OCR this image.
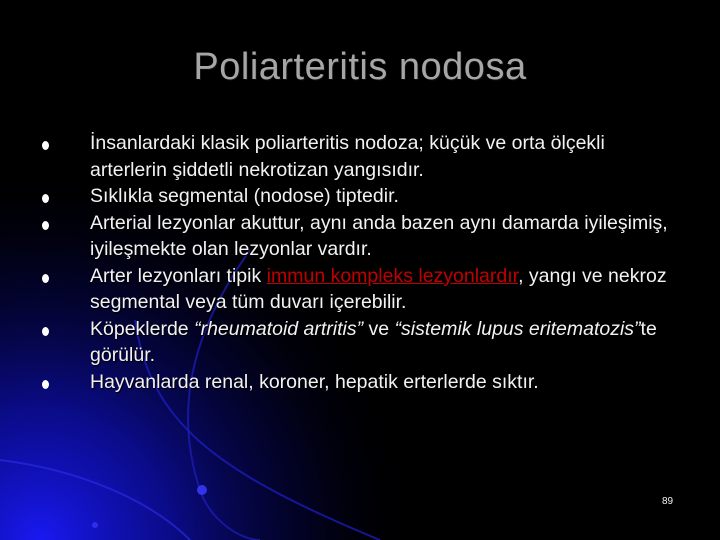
Poliarteritis nodosa
İnsanlardaki klasik poliarteritis nodoza; küçük ve orta ölçekli arterlerin şiddetli nekrotizan yangısıdır.
Sıklıkla segmental (nodose) tiptedir.
Arterial lezyonlar akuttur, aynı anda bazen aynı damarda iyileşimiş, iyileşmekte olan lezyonlar vardır.
Arter lezyonları tipik immun kompleks lezyonlardır, yangı ve nekroz segmental veya tüm duvarı içerebilir.
Köpeklerde “rheumatoid artritis” ve “sistemik lupus eritematozis”te görülür.
Hayvanlarda renal, koroner, hepatik erterlerde sıktır.
89
